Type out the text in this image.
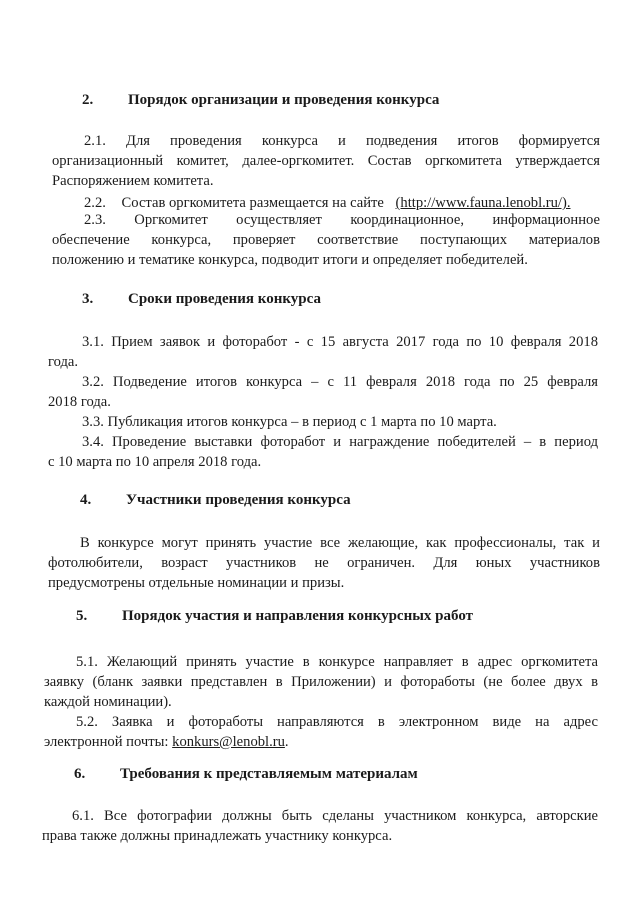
2. Порядок организации и проведения конкурса
2.1. Для проведения конкурса и подведения итогов формируется
организационный комитет, далее-оргкомитет. Состав оргкомитета утверждается
Распоряжением комитета.
2.2. Состав оргкомитета размещается на сайте (http://www.fauna.lenobl.ru/).
2.3. Оргкомитет осуществляет координационное, информационное
обеспечение конкурса, проверяет соответствие поступающих материалов
положению и тематике конкурса, подводит итоги и определяет победителей.
3. Сроки проведения конкурса
3.1. Прием заявок и фоторабот - с 15 августа 2017 года по 10 февраля 2018
года.
3.2. Подведение итогов конкурса – с 11 февраля 2018 года по 25 февраля
2018 года.
3.3. Публикация итогов конкурса – в период с 1 марта по 10 марта.
3.4. Проведение выставки фоторабот и награждение победителей – в период
с 10 марта по 10 апреля 2018 года.
4. Участники проведения конкурса
В конкурсе могут принять участие все желающие, как профессионалы, так и
фотолюбители, возраст участников не ограничен. Для юных участников
предусмотрены отдельные номинации и призы.
5. Порядок участия и направления конкурсных работ
5.1. Желающий принять участие в конкурсе направляет в адрес оргкомитета
заявку (бланк заявки представлен в Приложении) и фотоработы (не более двух в
каждой номинации).
5.2. Заявка и фотоработы направляются в электронном виде на адрес
электронной почты: konkurs@lenobl.ru.
6. Требования к представляемым материалам
6.1. Все фотографии должны быть сделаны участником конкурса, авторские
права также должны принадлежать участнику конкурса.
